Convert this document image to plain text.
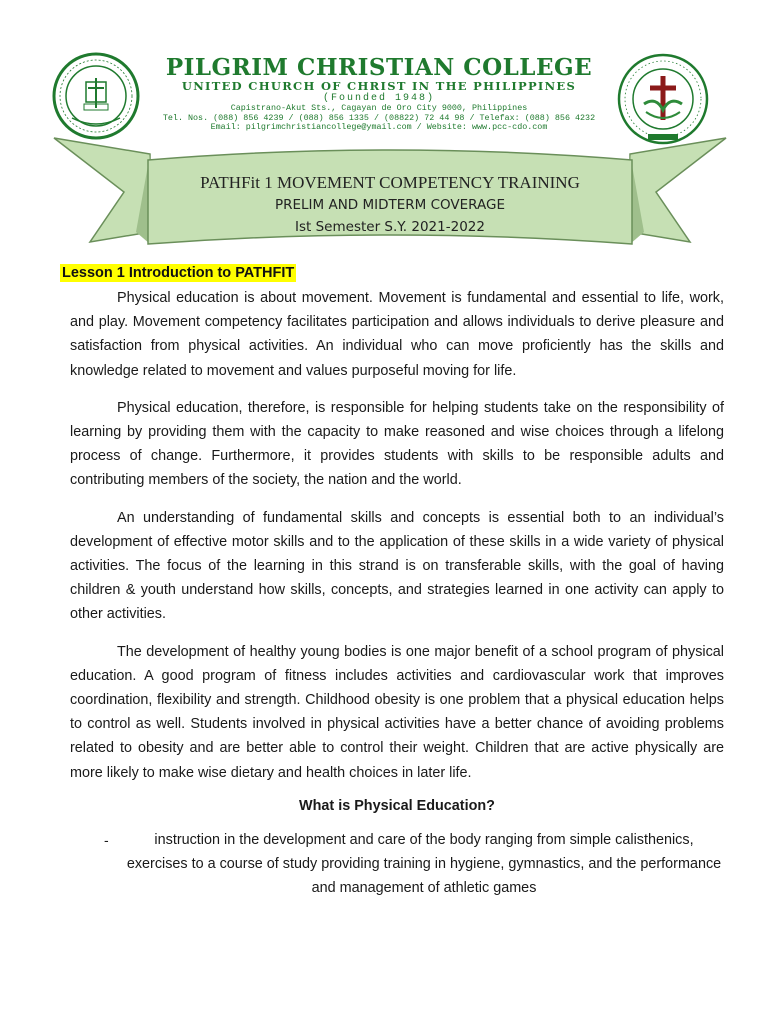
PILGRIM CHRISTIAN COLLEGE
UNITED CHURCH OF CHRIST IN THE PHILIPPINES
(Founded 1948)
Capistrano-Akut Sts., Cagayan de Oro City 9000, Philippines
Tel. Nos. (088) 856 4239 / (088) 856 1335 / (08822) 72 44 98 / Telefax: (088) 856 4232
Email: pilgrimchristiancollege@ymail.com / Website: www.pcc-cdo.com
PATHFit 1 MOVEMENT COMPETENCY TRAINING
PRELIM AND MIDTERM COVERAGE
Ist Semester S.Y. 2021-2022
Lesson 1 Introduction to PATHFIT

Physical education is about movement. Movement is fundamental and essential to life, work, and play. Movement competency facilitates participation and allows individuals to derive pleasure and satisfaction from physical activities. An individual who can move proficiently has the skills and knowledge related to movement and values purposeful moving for life.

Physical education, therefore, is responsible for helping students take on the responsibility of learning by providing them with the capacity to make reasoned and wise choices through a lifelong process of change. Furthermore, it provides students with skills to be responsible adults and contributing members of the society, the nation and the world.

An understanding of fundamental skills and concepts is essential both to an individual’s development of effective motor skills and to the application of these skills in a wide variety of physical activities. The focus of the learning in this strand is on transferable skills, with the goal of having children & youth understand how skills, concepts, and strategies learned in one activity can apply to other activities.

The development of healthy young bodies is one major benefit of a school program of physical education. A good program of fitness includes activities and cardiovascular work that improves coordination, flexibility and strength. Childhood obesity is one problem that a physical education helps to control as well. Students involved in physical activities have a better chance of avoiding problems related to obesity and are better able to control their weight. Children that are active physically are more likely to make wise dietary and health choices in later life.

What is Physical Education?
-	instruction in the development and care of the body ranging from simple calisthenics, exercises to a course of study providing training in hygiene, gymnastics, and the performance and management of athletic games
